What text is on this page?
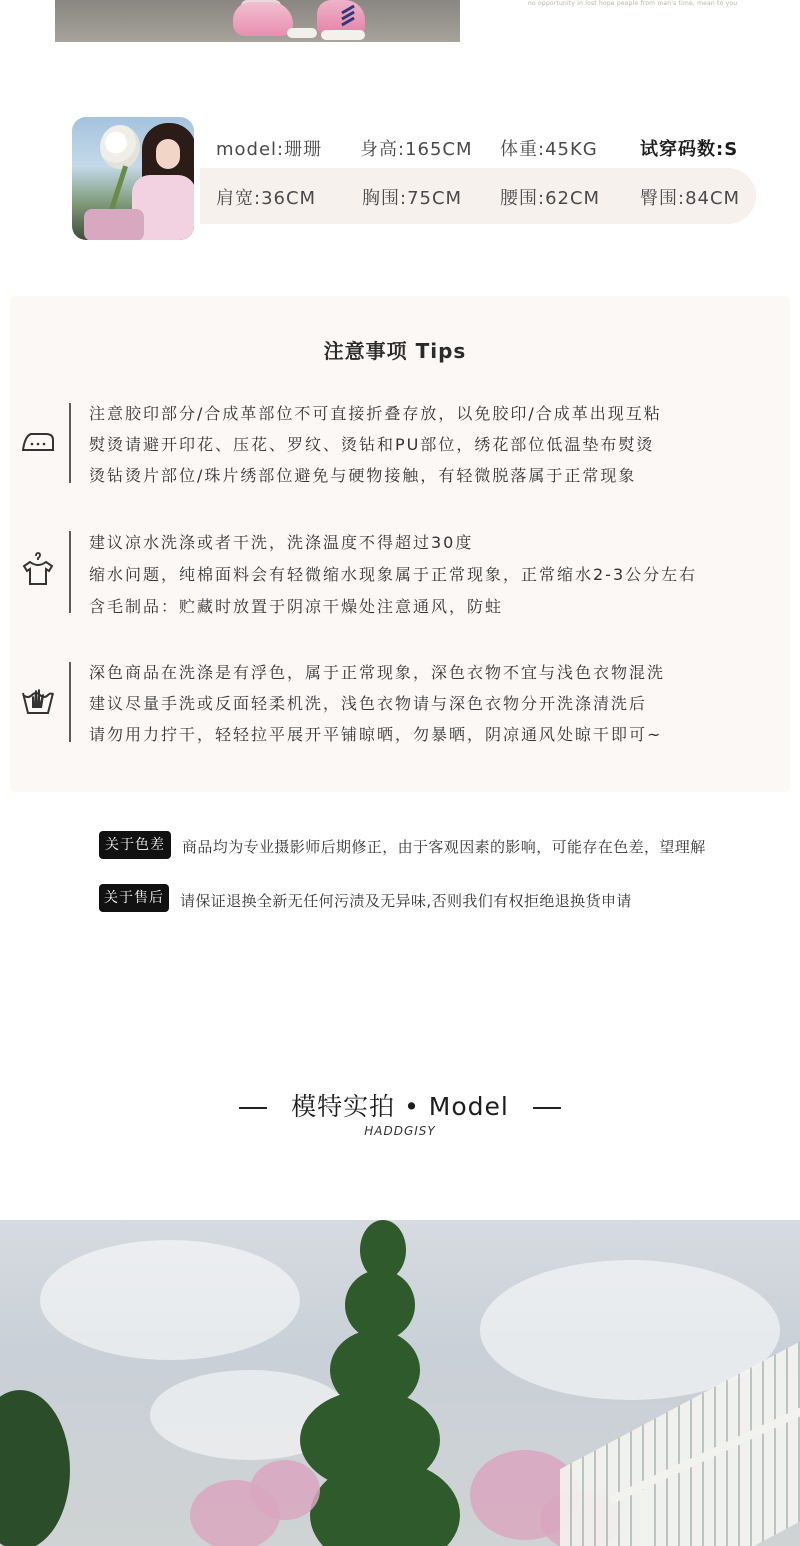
no opportunity in lost hope people from man's time, mean to you
model:珊珊 身高:165CM 体重:45KG 试穿码数:S
肩宽:36CM	胸围:75CM 腰围:62CM 臀围:84CM
注意事项 Tips
注意胶印部分/合成革部位不可直接折叠存放，以免胶印/合成革出现互粘
熨烫请避开印花、压花、罗纹、烫钻和PU部位，绣花部位低温垫布熨烫
烫钻烫片部位/珠片绣部位避免与硬物接触，有轻微脱落属于正常现象
建议凉水洗涤或者干洗，洗涤温度不得超过30度
缩水问题，纯棉面料会有轻微缩水现象属于正常现象，正常缩水2-3公分左右
含毛制品：贮藏时放置于阴凉干燥处注意通风，防蛀
深色商品在洗涤是有浮色，属于正常现象，深色衣物不宜与浅色衣物混洗
建议尽量手洗或反面轻柔机洗，浅色衣物请与深色衣物分开洗涤清洗后
请勿用力拧干，轻轻拉平展开平铺晾晒，勿暴晒，阴凉通风处晾干即可~
关于色差	商品均为专业摄影师后期修正，由于客观因素的影响，可能存在色差，望理解
关于售后	请保证退换全新无任何污渍及无异味,否则我们有权拒绝退换货申请
模特实拍 • Model
HADDGISY
